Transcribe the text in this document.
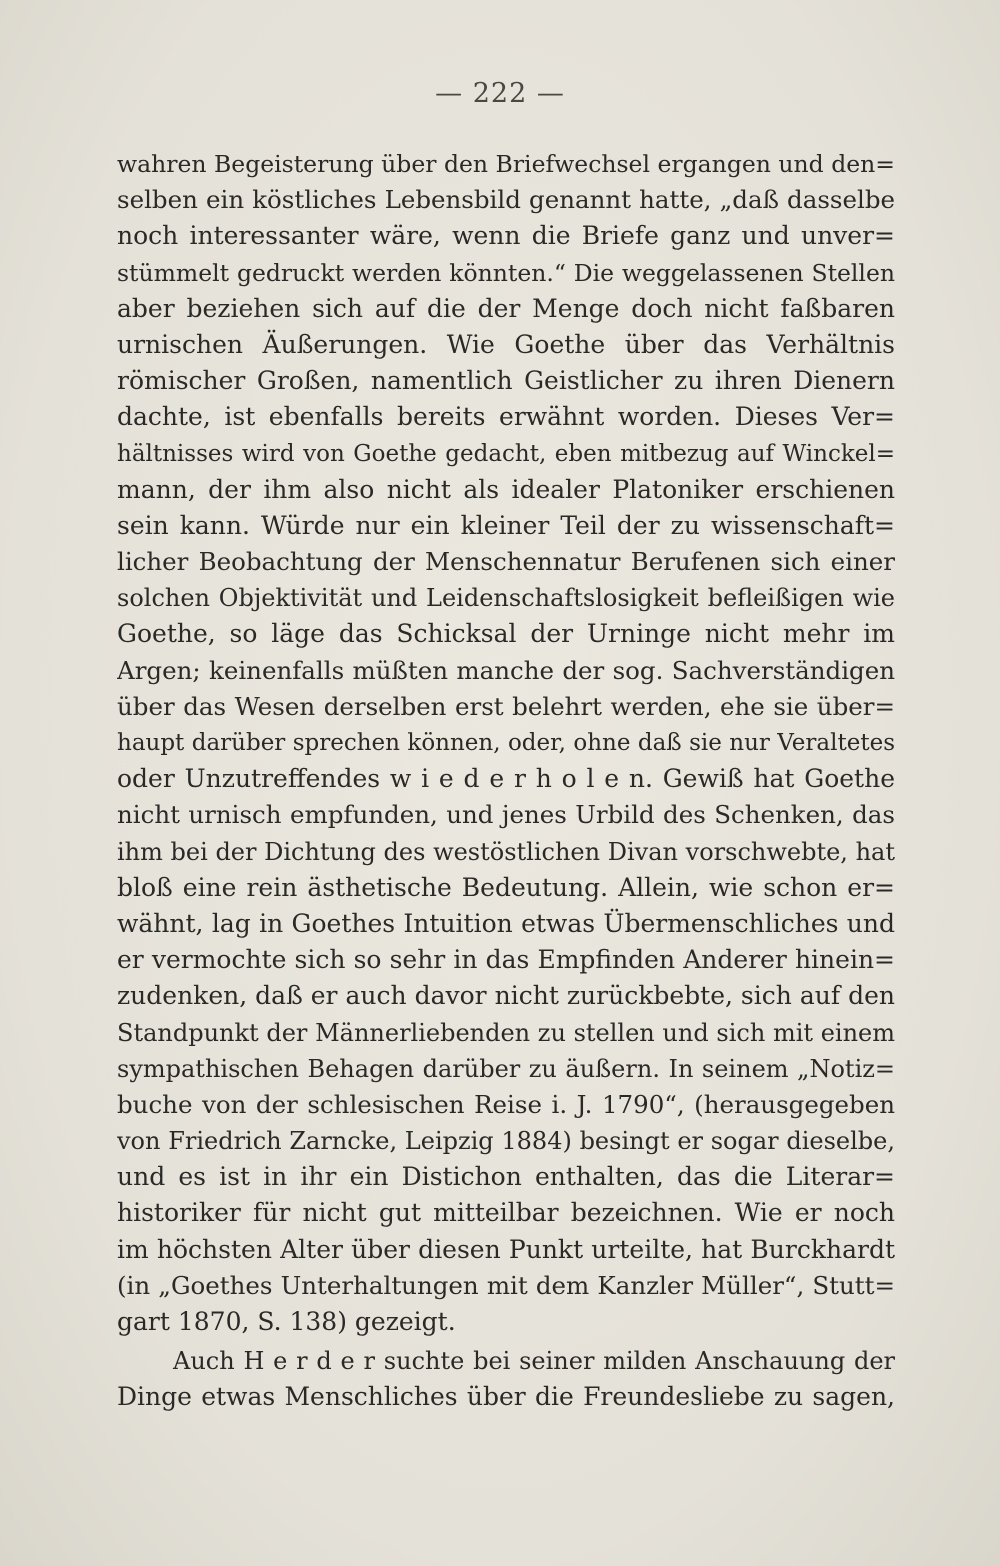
— 222 —
wahren Begeisterung über den Briefwechsel ergangen und den=
selben ein köstliches Lebensbild genannt hatte, „daß dasselbe
noch interessanter wäre, wenn die Briefe ganz und unver=
stümmelt gedruckt werden könnten.“ Die weggelassenen Stellen
aber beziehen sich auf die der Menge doch nicht faßbaren
urnischen Äußerungen. Wie Goethe über das Verhältnis
römischer Großen, namentlich Geistlicher zu ihren Dienern
dachte, ist ebenfalls bereits erwähnt worden. Dieses Ver=
hältnisses wird von Goethe gedacht, eben mitbezug auf Winckel=
mann, der ihm also nicht als idealer Platoniker erschienen
sein kann. Würde nur ein kleiner Teil der zu wissenschaft=
licher Beobachtung der Menschennatur Berufenen sich einer
solchen Objektivität und Leidenschaftslosigkeit befleißigen wie
Goethe, so läge das Schicksal der Urninge nicht mehr im
Argen; keinenfalls müßten manche der sog. Sachverständigen
über das Wesen derselben erst belehrt werden, ehe sie über=
haupt darüber sprechen können, oder, ohne daß sie nur Veraltetes
oder Unzutreffendes w i e d e r h o l e n. Gewiß hat Goethe
nicht urnisch empfunden, und jenes Urbild des Schenken, das
ihm bei der Dichtung des westöstlichen Divan vorschwebte, hat
bloß eine rein ästhetische Bedeutung. Allein, wie schon er=
wähnt, lag in Goethes Intuition etwas Übermenschliches und
er vermochte sich so sehr in das Empfinden Anderer hinein=
zudenken, daß er auch davor nicht zurückbebte, sich auf den
Standpunkt der Männerliebenden zu stellen und sich mit einem
sympathischen Behagen darüber zu äußern. In seinem „Notiz=
buche von der schlesischen Reise i. J. 1790“, (herausgegeben
von Friedrich Zarncke, Leipzig 1884) besingt er sogar dieselbe,
und es ist in ihr ein Distichon enthalten, das die Literar=
historiker für nicht gut mitteilbar bezeichnen. Wie er noch
im höchsten Alter über diesen Punkt urteilte, hat Burckhardt
(in „Goethes Unterhaltungen mit dem Kanzler Müller“, Stutt=
gart 1870, S. 138) gezeigt.
Auch H e r d e r suchte bei seiner milden Anschauung der
Dinge etwas Menschliches über die Freundesliebe zu sagen,
